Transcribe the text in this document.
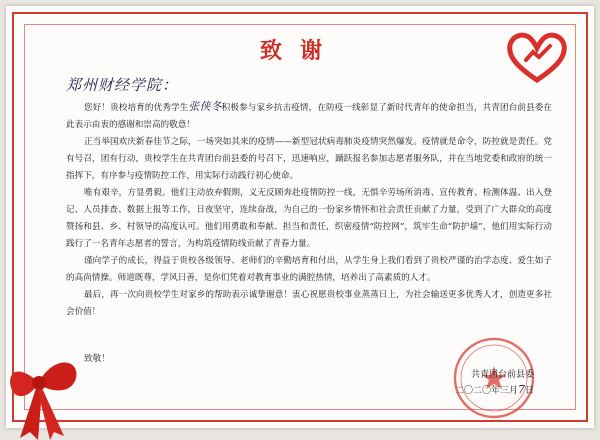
致谢
郑州财经学院：

您好！贵校培育的优秀学生张侠冬积极参与家乡抗击疫情，在防疫一线彰显了新时代青年的使命担当，共青团台前县委在此表示由衷的感谢和崇高的敬意！

正当举国欢庆新春佳节之际，一场突如其来的疫情——新型冠状病毒肺炎疫情突然爆发。疫情就是命令，防控就是责任。党有号召，团有行动，贵校学生在共青团台前县委的号召下，迅速响应，踊跃报名参加志愿者服务队，并在当地党委和政府的统一指挥下，有序参与疫情防控工作，用实际行动践行初心使命。

唯有艰辛，方显勇毅。他们主动放弃假期，义无反顾奔赴疫情防控一线，无惧辛劳场所消毒、宣传教育、检测体温、出入登记、人员排查、数据上报等工作，日夜坚守，连续奋战，为自己的一份家乡情怀和社会责任贡献了力量，受到了广大群众的高度赞扬和县、乡、村领导的高度认可。他们用勇敢和奉献、担当和责任，织密疫情“防控网”，筑牢生命“防护墙”，他们用实际行动践行了一名青年志愿者的誓言，为构筑疫情防线贡献了青春力量。

谨向学子的成长，得益于贵校各级领导、老师们的辛勤培育和付出，从学生身上我们看到了贵校严谨的治学态度、爱生如子的高尚情操。师道既尊，学风日善，是你们凭着对教育事业的满腔热情，培养出了高素质的人才。

最后，再一次向贵校学生对家乡的帮助表示诚挚谢意！衷心祝愿贵校事业蒸蒸日上，为社会输送更多优秀人才，创造更多社会价值！

致敬！
共青团台前县委
二〇二〇年三月7日
